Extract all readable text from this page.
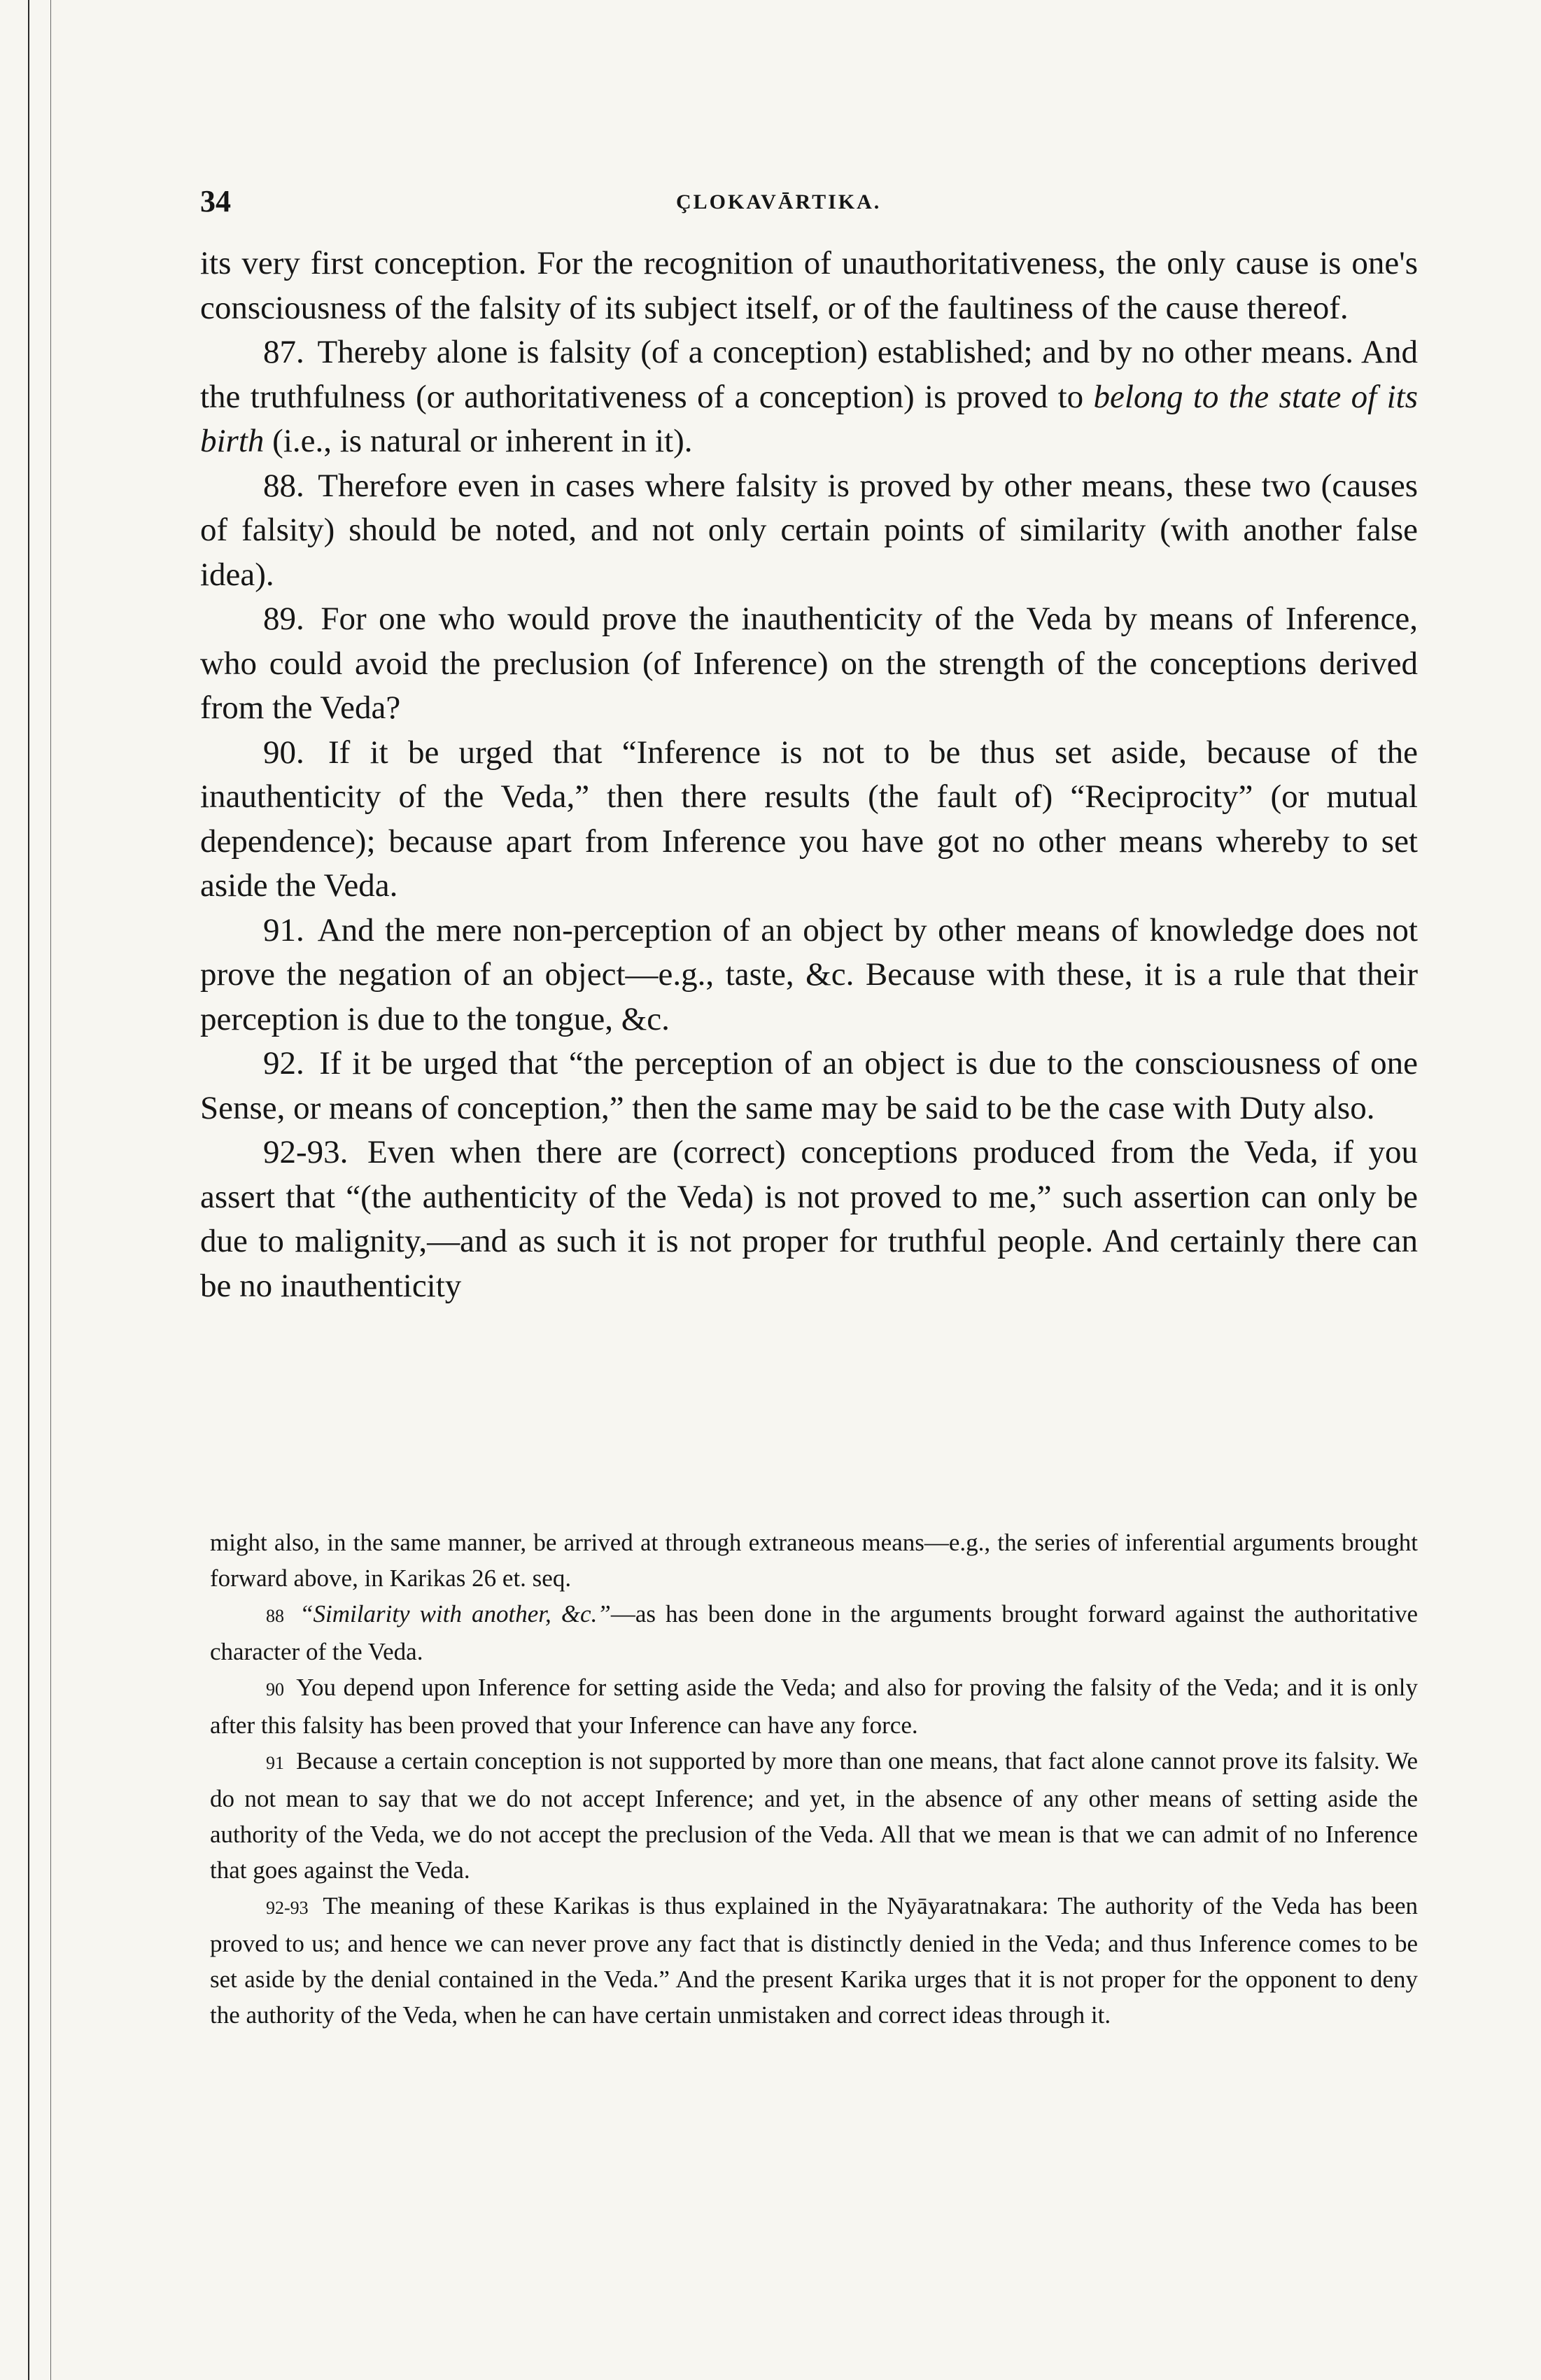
34	ÇLOKAVĀRTIKA.

its very first conception. For the recognition of unauthoritativeness, the only cause is one's consciousness of the falsity of its subject itself, or of the faultiness of the cause thereof.

87. Thereby alone is falsity (of a conception) established; and by no other means. And the truthfulness (or authoritativeness of a conception) is proved to belong to the state of its birth (i.e., is natural or inherent in it).

88. Therefore even in cases where falsity is proved by other means, these two (causes of falsity) should be noted, and not only certain points of similarity (with another false idea).

89. For one who would prove the inauthenticity of the Veda by means of Inference, who could avoid the preclusion (of Inference) on the strength of the conceptions derived from the Veda?

90. If it be urged that “Inference is not to be thus set aside, because of the inauthenticity of the Veda,” then there results (the fault of) “Reciprocity” (or mutual dependence); because apart from Inference you have got no other means whereby to set aside the Veda.

91. And the mere non-perception of an object by other means of knowledge does not prove the negation of an object—e.g., taste, &c. Because with these, it is a rule that their perception is due to the tongue, &c.

92. If it be urged that “the perception of an object is due to the consciousness of one Sense, or means of conception,” then the same may be said to be the case with Duty also.

92-93. Even when there are (correct) conceptions produced from the Veda, if you assert that “(the authenticity of the Veda) is not proved to me,” such assertion can only be due to malignity,—and as such it is not proper for truthful people. And certainly there can be no inauthenticity

might also, in the same manner, be arrived at through extraneous means—e.g., the series of inferential arguments brought forward above, in Karikas 26 et. seq.

88 “Similarity with another, &c.”—as has been done in the arguments brought forward against the authoritative character of the Veda.

90 You depend upon Inference for setting aside the Veda; and also for proving the falsity of the Veda; and it is only after this falsity has been proved that your Inference can have any force.

91 Because a certain conception is not supported by more than one means, that fact alone cannot prove its falsity. We do not mean to say that we do not accept Inference; and yet, in the absence of any other means of setting aside the authority of the Veda, we do not accept the preclusion of the Veda. All that we mean is that we can admit of no Inference that goes against the Veda.

92-93 The meaning of these Karikas is thus explained in the Nyāyaratnakara: The authority of the Veda has been proved to us; and hence we can never prove any fact that is distinctly denied in the Veda; and thus Inference comes to be set aside by the denial contained in the Veda.” And the present Karika urges that it is not proper for the opponent to deny the authority of the Veda, when he can have certain unmistaken and correct ideas through it.
